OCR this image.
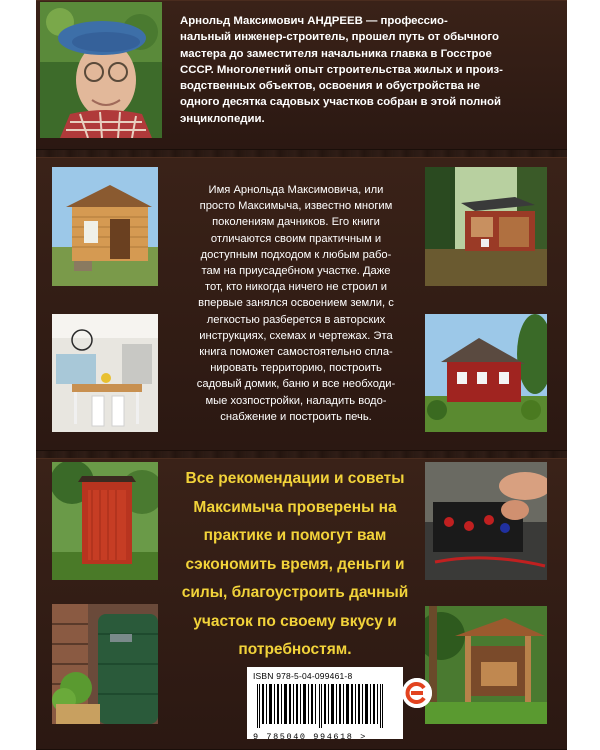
Арнольд Максимович АНДРЕЕВ — профессио-
нальный инженер-строитель, прошел путь от обычного
мастера до заместителя начальника главка в Госстрое
СССР. Многолетний опыт строительства жилых и произ-
водственных объектов, освоения и обустройства не
одного десятка садовых участков собран в этой полной
энциклопедии.
Имя Арнольда Максимовича, или
просто Максимыча, известно многим
поколениям дачников. Его книги
отличаются своим практичным и
доступным подходом к любым рабо-
там на приусадебном участке. Даже
тот, кто никогда ничего не строил и
впервые занялся освоением земли, с
легкостью разберется в авторских
инструкциях, схемах и чертежах. Эта
книга поможет самостоятельно спла-
нировать территорию, построить
садовый домик, баню и все необходи-
мые хозпостройки, наладить водо-
снабжение и построить печь.
Все рекомендации и советы
Максимыча проверены на
практике и помогут вам
сэкономить время, деньги и
силы, благоустроить дачный
участок по своему вкусу и
потребностям.
ISBN 978-5-04-099461-8
9 785040 994618 >
